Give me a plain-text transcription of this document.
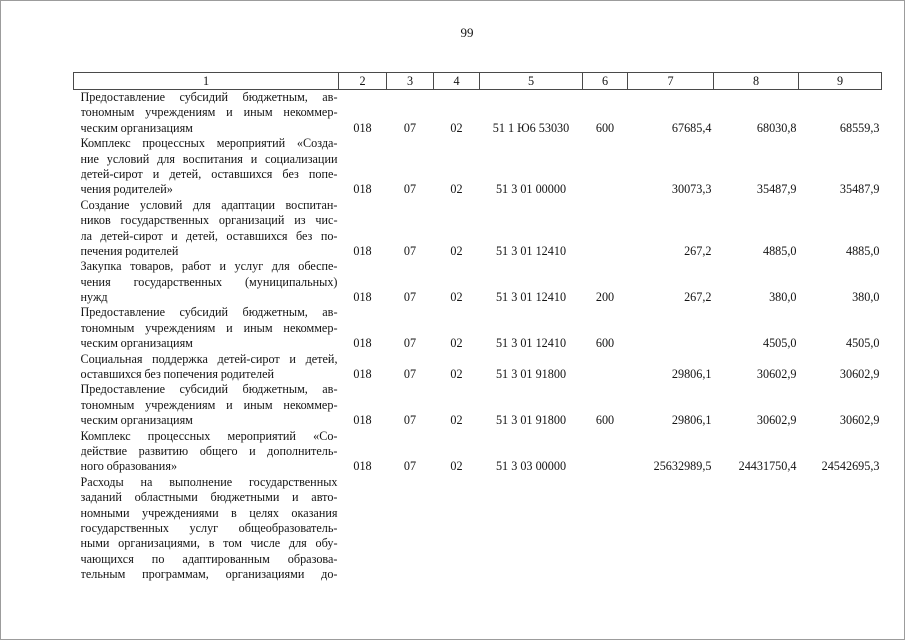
99
1	2	3	4	5	6	7	8	9

Предоставление субсидий бюджетным, ав-
тономным учреждениям и иным некоммер-
ческим организациям	018	07	02	51 1 Ю6 53030	600	67685,4	68030,8	68559,3

Комплекс процессных мероприятий «Созда-
ние условий для воспитания и социализации
детей-сирот и детей, оставшихся без попе-
чения родителей»	018	07	02	51 3 01 00000		30073,3	35487,9	35487,9

Создание условий для адаптации воспитан-
ников государственных организаций из чис-
ла детей-сирот и детей, оставшихся без по-
печения родителей	018	07	02	51 3 01 12410		267,2	4885,0	4885,0

Закупка товаров, работ и услуг для обеспе-
чения государственных (муниципальных)
нужд	018	07	02	51 3 01 12410	200	267,2	380,0	380,0

Предоставление субсидий бюджетным, ав-
тономным учреждениям и иным некоммер-
ческим организациям	018	07	02	51 3 01 12410	600		4505,0	4505,0

Социальная поддержка детей-сирот и детей,
оставшихся без попечения родителей	018	07	02	51 3 01 91800		29806,1	30602,9	30602,9

Предоставление субсидий бюджетным, ав-
тономным учреждениям и иным некоммер-
ческим организациям	018	07	02	51 3 01 91800	600	29806,1	30602,9	30602,9

Комплекс процессных мероприятий «Со-
действие развитию общего и дополнитель-
ного образования»	018	07	02	51 3 03 00000		25632989,5	24431750,4	24542695,3

Расходы на выполнение государственных
заданий областными бюджетными и авто-
номными учреждениями в целях оказания
государственных услуг общеобразователь-
ными организациями, в том числе для обу-
чающихся по адаптированным образова-
тельным программам, организациями до-
